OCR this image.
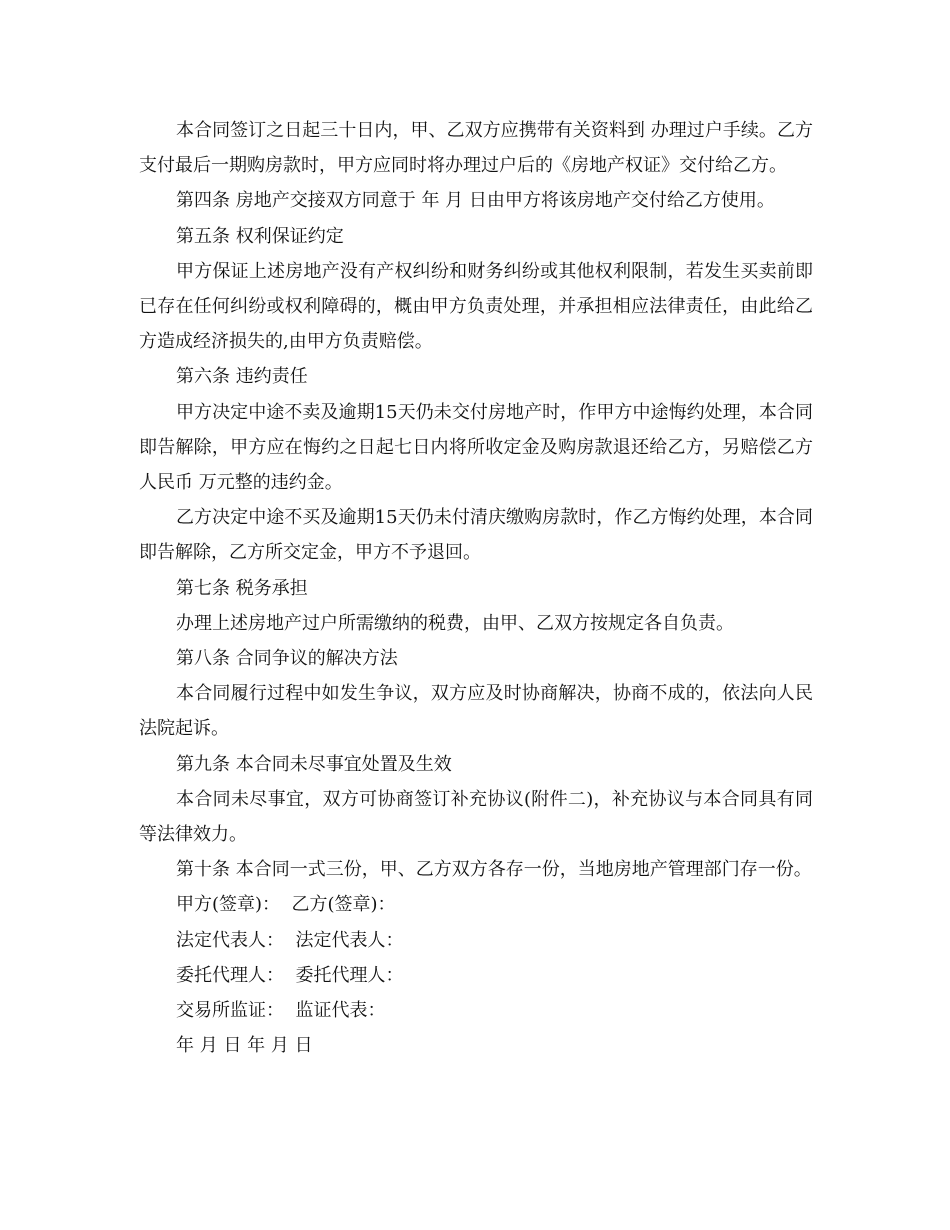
本合同签订之日起三十日内，甲、乙双方应携带有关资料到 办理过户手续。乙方支付最后一期购房款时，甲方应同时将办理过户后的《房地产权证》交付给乙方。

第四条 房地产交接双方同意于 年 月 日由甲方将该房地产交付给乙方使用。

第五条 权利保证约定

甲方保证上述房地产没有产权纠纷和财务纠纷或其他权利限制，若发生买卖前即已存在任何纠纷或权利障碍的，概由甲方负责处理，并承担相应法律责任，由此给乙方造成经济损失的,由甲方负责赔偿。

第六条 违约责任

甲方决定中途不卖及逾期15天仍未交付房地产时，作甲方中途悔约处理，本合同即告解除，甲方应在悔约之日起七日内将所收定金及购房款退还给乙方，另赔偿乙方人民币 万元整的违约金。

乙方决定中途不买及逾期15天仍未付清庆缴购房款时，作乙方悔约处理，本合同即告解除，乙方所交定金，甲方不予退回。

第七条 税务承担

办理上述房地产过户所需缴纳的税费，由甲、乙双方按规定各自负责。

第八条 合同争议的解决方法

本合同履行过程中如发生争议，双方应及时协商解决，协商不成的，依法向人民法院起诉。

第九条 本合同未尽事宜处置及生效

本合同未尽事宜，双方可协商签订补充协议(附件二)，补充协议与本合同具有同等法律效力。

第十条 本合同一式三份，甲、乙方双方各存一份，当地房地产管理部门存一份。

甲方(签章)：  乙方(签章)：

法定代表人：  法定代表人：

委托代理人：  委托代理人：

交易所监证：  监证代表：

年 月 日 年 月 日
